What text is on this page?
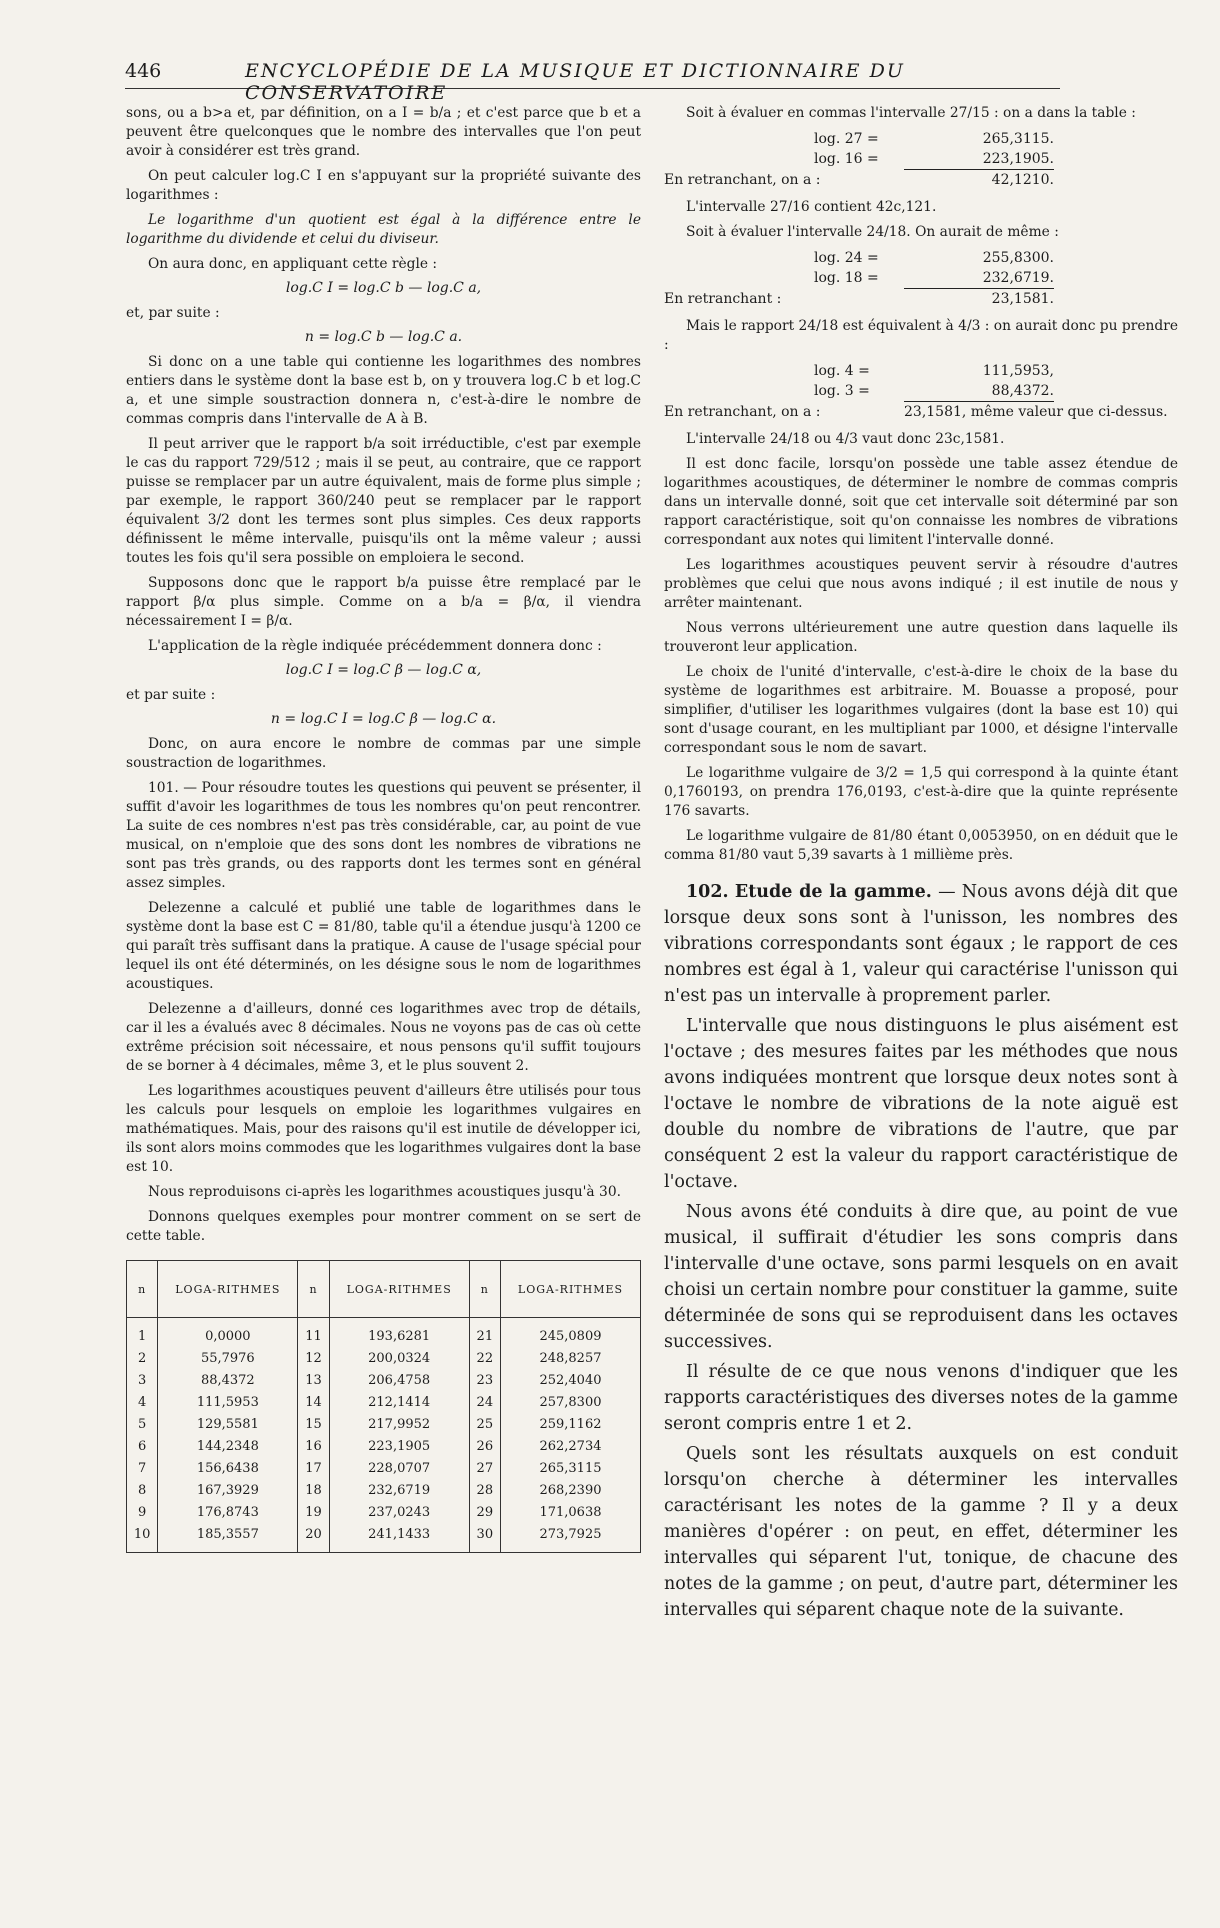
446	ENCYCLOPÉDIE DE LA MUSIQUE ET DICTIONNAIRE DU CONSERVATOIRE

sons, ou a b>a et, par définition, on a I = b/a ; et c'est parce que b et a peuvent être quelconques que le nombre des intervalles que l'on peut avoir à considérer est très grand.

On peut calculer log.C I en s'appuyant sur la propriété suivante des logarithmes :

Le logarithme d'un quotient est égal à la différence entre le logarithme du dividende et celui du diviseur.

On aura donc, en appliquant cette règle :

log.C I = log.C b — log.C a,

et, par suite :

n = log.C b — log.C a.

Si donc on a une table qui contienne les logarithmes des nombres entiers dans le système dont la base est b, on y trouvera log.C b et log.C a, et une simple soustraction donnera n, c'est-à-dire le nombre de commas compris dans l'intervalle de A à B.

Il peut arriver que le rapport b/a soit irréductible, c'est par exemple le cas du rapport 729/512 ; mais il se peut, au contraire, que ce rapport puisse se remplacer par un autre équivalent, mais de forme plus simple ; par exemple, le rapport 360/240 peut se remplacer par le rapport équivalent 3/2 dont les termes sont plus simples. Ces deux rapports définissent le même intervalle, puisqu'ils ont la même valeur ; aussi toutes les fois qu'il sera possible on emploiera le second.

Supposons donc que le rapport b/a puisse être remplacé par le rapport β/α plus simple. Comme on a b/a = β/α, il viendra nécessairement I = β/α.

L'application de la règle indiquée précédemment donnera donc :

log.C I = log.C β — log.C α,

et par suite :

n = log.C I = log.C β — log.C α.

Donc, on aura encore le nombre de commas par une simple soustraction de logarithmes.

101. — Pour résoudre toutes les questions qui peuvent se présenter, il suffit d'avoir les logarithmes de tous les nombres qu'on peut rencontrer. La suite de ces nombres n'est pas très considérable, car, au point de vue musical, on n'emploie que des sons dont les nombres de vibrations ne sont pas très grands, ou des rapports dont les termes sont en général assez simples.

Delezenne a calculé et publié une table de logarithmes dans le système dont la base est C = 81/80, table qu'il a étendue jusqu'à 1200 ce qui paraît très suffisant dans la pratique. A cause de l'usage spécial pour lequel ils ont été déterminés, on les désigne sous le nom de logarithmes acoustiques.

Delezenne a d'ailleurs, donné ces logarithmes avec trop de détails, car il les a évalués avec 8 décimales. Nous ne voyons pas de cas où cette extrême précision soit nécessaire, et nous pensons qu'il suffit toujours de se borner à 4 décimales, même 3, et le plus souvent 2.

Les logarithmes acoustiques peuvent d'ailleurs être utilisés pour tous les calculs pour lesquels on emploie les logarithmes vulgaires en mathématiques. Mais, pour des raisons qu'il est inutile de développer ici, ils sont alors moins commodes que les logarithmes vulgaires dont la base est 10.

Nous reproduisons ci-après les logarithmes acoustiques jusqu'à 30.

Donnons quelques exemples pour montrer comment on se sert de cette table.

n	LOGA-RITHMES	n	LOGA-RITHMES	n	LOGA-RITHMES
1	0,0000	11	193,6281	21	245,0809
2	55,7976	12	200,0324	22	248,8257
3	88,4372	13	206,4758	23	252,4040
4	111,5953	14	212,1414	24	257,8300
5	129,5581	15	217,9952	25	259,1162
6	144,2348	16	223,1905	26	262,2734
7	156,6438	17	228,0707	27	265,3115
8	167,3929	18	232,6719	28	268,2390
9	176,8743	19	237,0243	29	171,0638
10	185,3557	20	241,1433	30	273,7925

Soit à évaluer en commas l'intervalle 27/15 : on a dans la table :

log. 27 =	265,3115.
log. 16 =	223,1905.
En retranchant, on a :	42,1210.

L'intervalle 27/16 contient 42c,121.

Soit à évaluer l'intervalle 24/18. On aurait de même :

log. 24 =	255,8300.
log. 18 =	232,6719.
En retranchant :	23,1581.

Mais le rapport 24/18 est équivalent à 4/3 : on aurait donc pu prendre :

log. 4 =	111,5953,
log. 3 =	88,4372.
En retranchant, on a :	23,1581, même valeur que ci-dessus.

L'intervalle 24/18 ou 4/3 vaut donc 23c,1581.

Il est donc facile, lorsqu'on possède une table assez étendue de logarithmes acoustiques, de déterminer le nombre de commas compris dans un intervalle donné, soit que cet intervalle soit déterminé par son rapport caractéristique, soit qu'on connaisse les nombres de vibrations correspondant aux notes qui limitent l'intervalle donné.

Les logarithmes acoustiques peuvent servir à résoudre d'autres problèmes que celui que nous avons indiqué ; il est inutile de nous y arrêter maintenant.

Nous verrons ultérieurement une autre question dans laquelle ils trouveront leur application.

Le choix de l'unité d'intervalle, c'est-à-dire le choix de la base du système de logarithmes est arbitraire. M. Bouasse a proposé, pour simplifier, d'utiliser les logarithmes vulgaires (dont la base est 10) qui sont d'usage courant, en les multipliant par 1000, et désigne l'intervalle correspondant sous le nom de savart.

Le logarithme vulgaire de 3/2 = 1,5 qui correspond à la quinte étant 0,1760193, on prendra 176,0193, c'est-à-dire que la quinte représente 176 savarts.

Le logarithme vulgaire de 81/80 étant 0,0053950, on en déduit que le comma 81/80 vaut 5,39 savarts à 1 millième près.

102. Etude de la gamme. — Nous avons déjà dit que lorsque deux sons sont à l'unisson, les nombres des vibrations correspondants sont égaux ; le rapport de ces nombres est égal à 1, valeur qui caractérise l'unisson qui n'est pas un intervalle à proprement parler.
L'intervalle que nous distinguons le plus aisément est l'octave ; des mesures faites par les méthodes que nous avons indiquées montrent que lorsque deux notes sont à l'octave le nombre de vibrations de la note aiguë est double du nombre de vibrations de l'autre, que par conséquent 2 est la valeur du rapport caractéristique de l'octave.
Nous avons été conduits à dire que, au point de vue musical, il suffirait d'étudier les sons compris dans l'intervalle d'une octave, sons parmi lesquels on en avait choisi un certain nombre pour constituer la gamme, suite déterminée de sons qui se reproduisent dans les octaves successives.
Il résulte de ce que nous venons d'indiquer que les rapports caractéristiques des diverses notes de la gamme seront compris entre 1 et 2.
Quels sont les résultats auxquels on est conduit lorsqu'on cherche à déterminer les intervalles caractérisant les notes de la gamme ? Il y a deux manières d'opérer : on peut, en effet, déterminer les intervalles qui séparent l'ut, tonique, de chacune des notes de la gamme ; on peut, d'autre part, déterminer les intervalles qui séparent chaque note de la suivante.
